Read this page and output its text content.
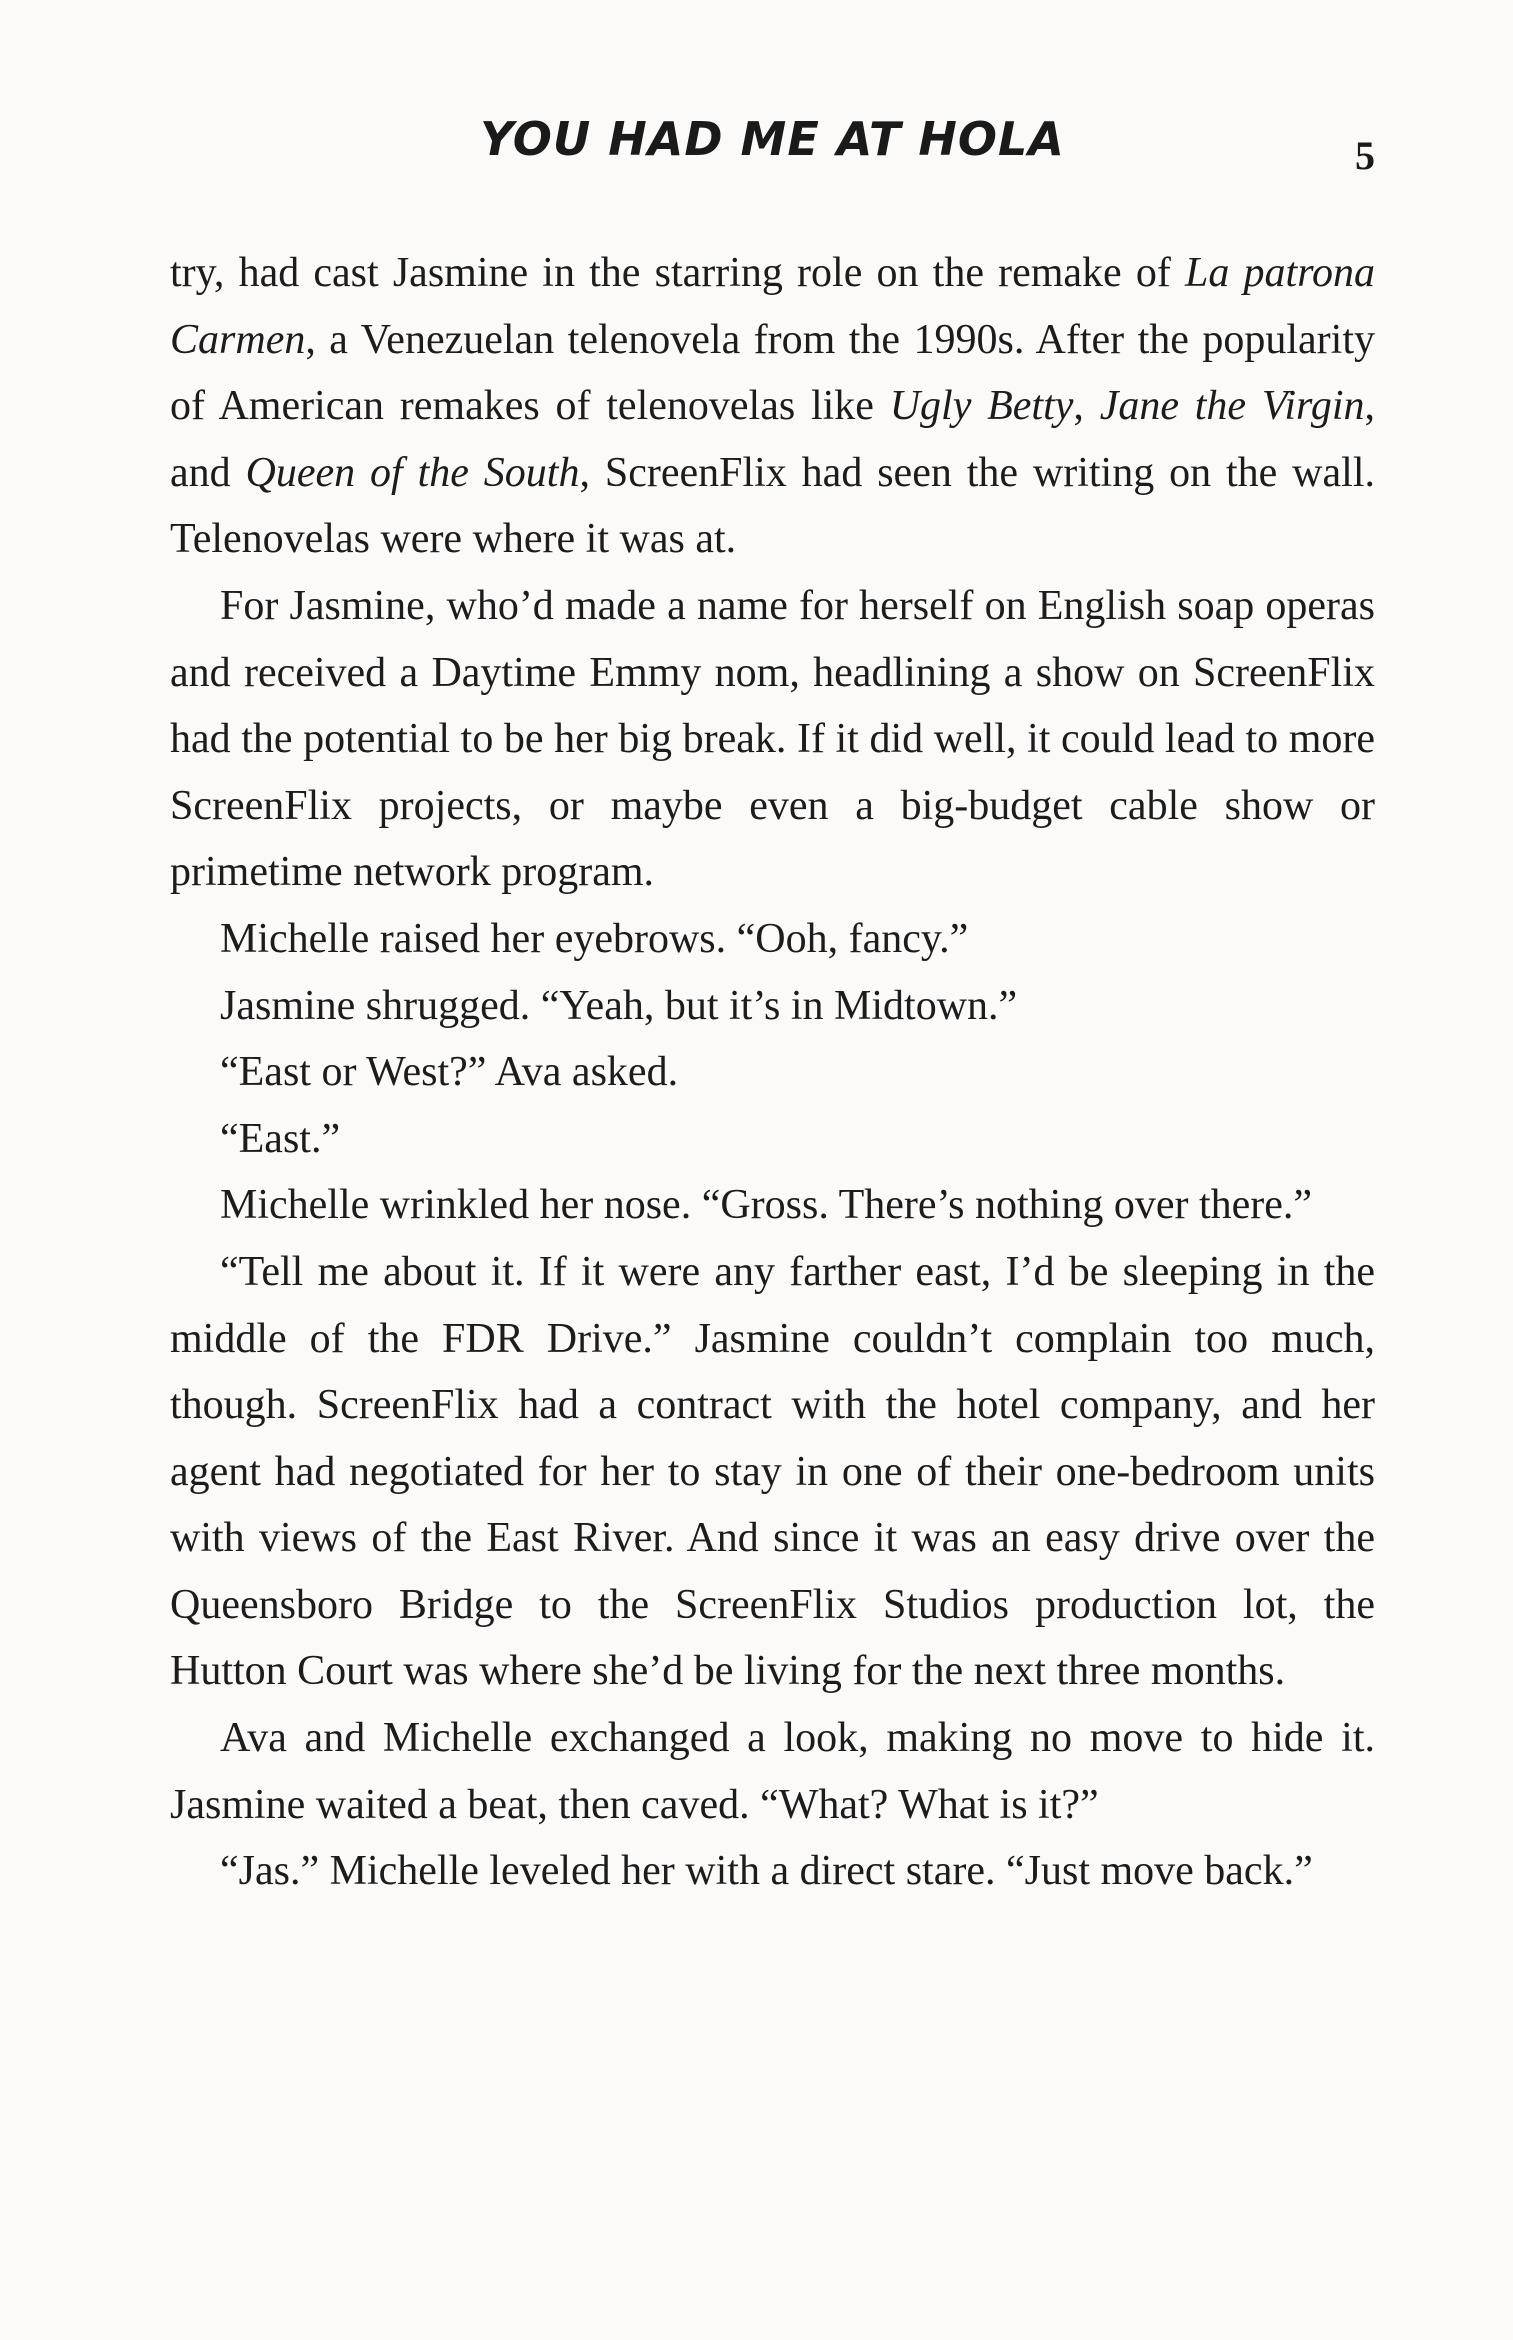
YOU HAD ME AT HOLA	5

try, had cast Jasmine in the starring role on the remake of La patrona Carmen, a Venezuelan telenovela from the 1990s. After the popularity of American remakes of telenovelas like Ugly Betty, Jane the Virgin, and Queen of the South, ScreenFlix had seen the writing on the wall. Telenovelas were where it was at.

For Jasmine, who’d made a name for herself on English soap operas and received a Daytime Emmy nom, headlining a show on ScreenFlix had the potential to be her big break. If it did well, it could lead to more ScreenFlix projects, or maybe even a big-budget cable show or primetime network program.

Michelle raised her eyebrows. “Ooh, fancy.”

Jasmine shrugged. “Yeah, but it’s in Midtown.”

“East or West?” Ava asked.

“East.”

Michelle wrinkled her nose. “Gross. There’s nothing over there.”

“Tell me about it. If it were any farther east, I’d be sleeping in the middle of the FDR Drive.” Jasmine couldn’t complain too much, though. ScreenFlix had a contract with the hotel company, and her agent had negotiated for her to stay in one of their one-bedroom units with views of the East River. And since it was an easy drive over the Queensboro Bridge to the ScreenFlix Studios production lot, the Hutton Court was where she’d be living for the next three months.

Ava and Michelle exchanged a look, making no move to hide it. Jasmine waited a beat, then caved. “What? What is it?”

“Jas.” Michelle leveled her with a direct stare. “Just move back.”
